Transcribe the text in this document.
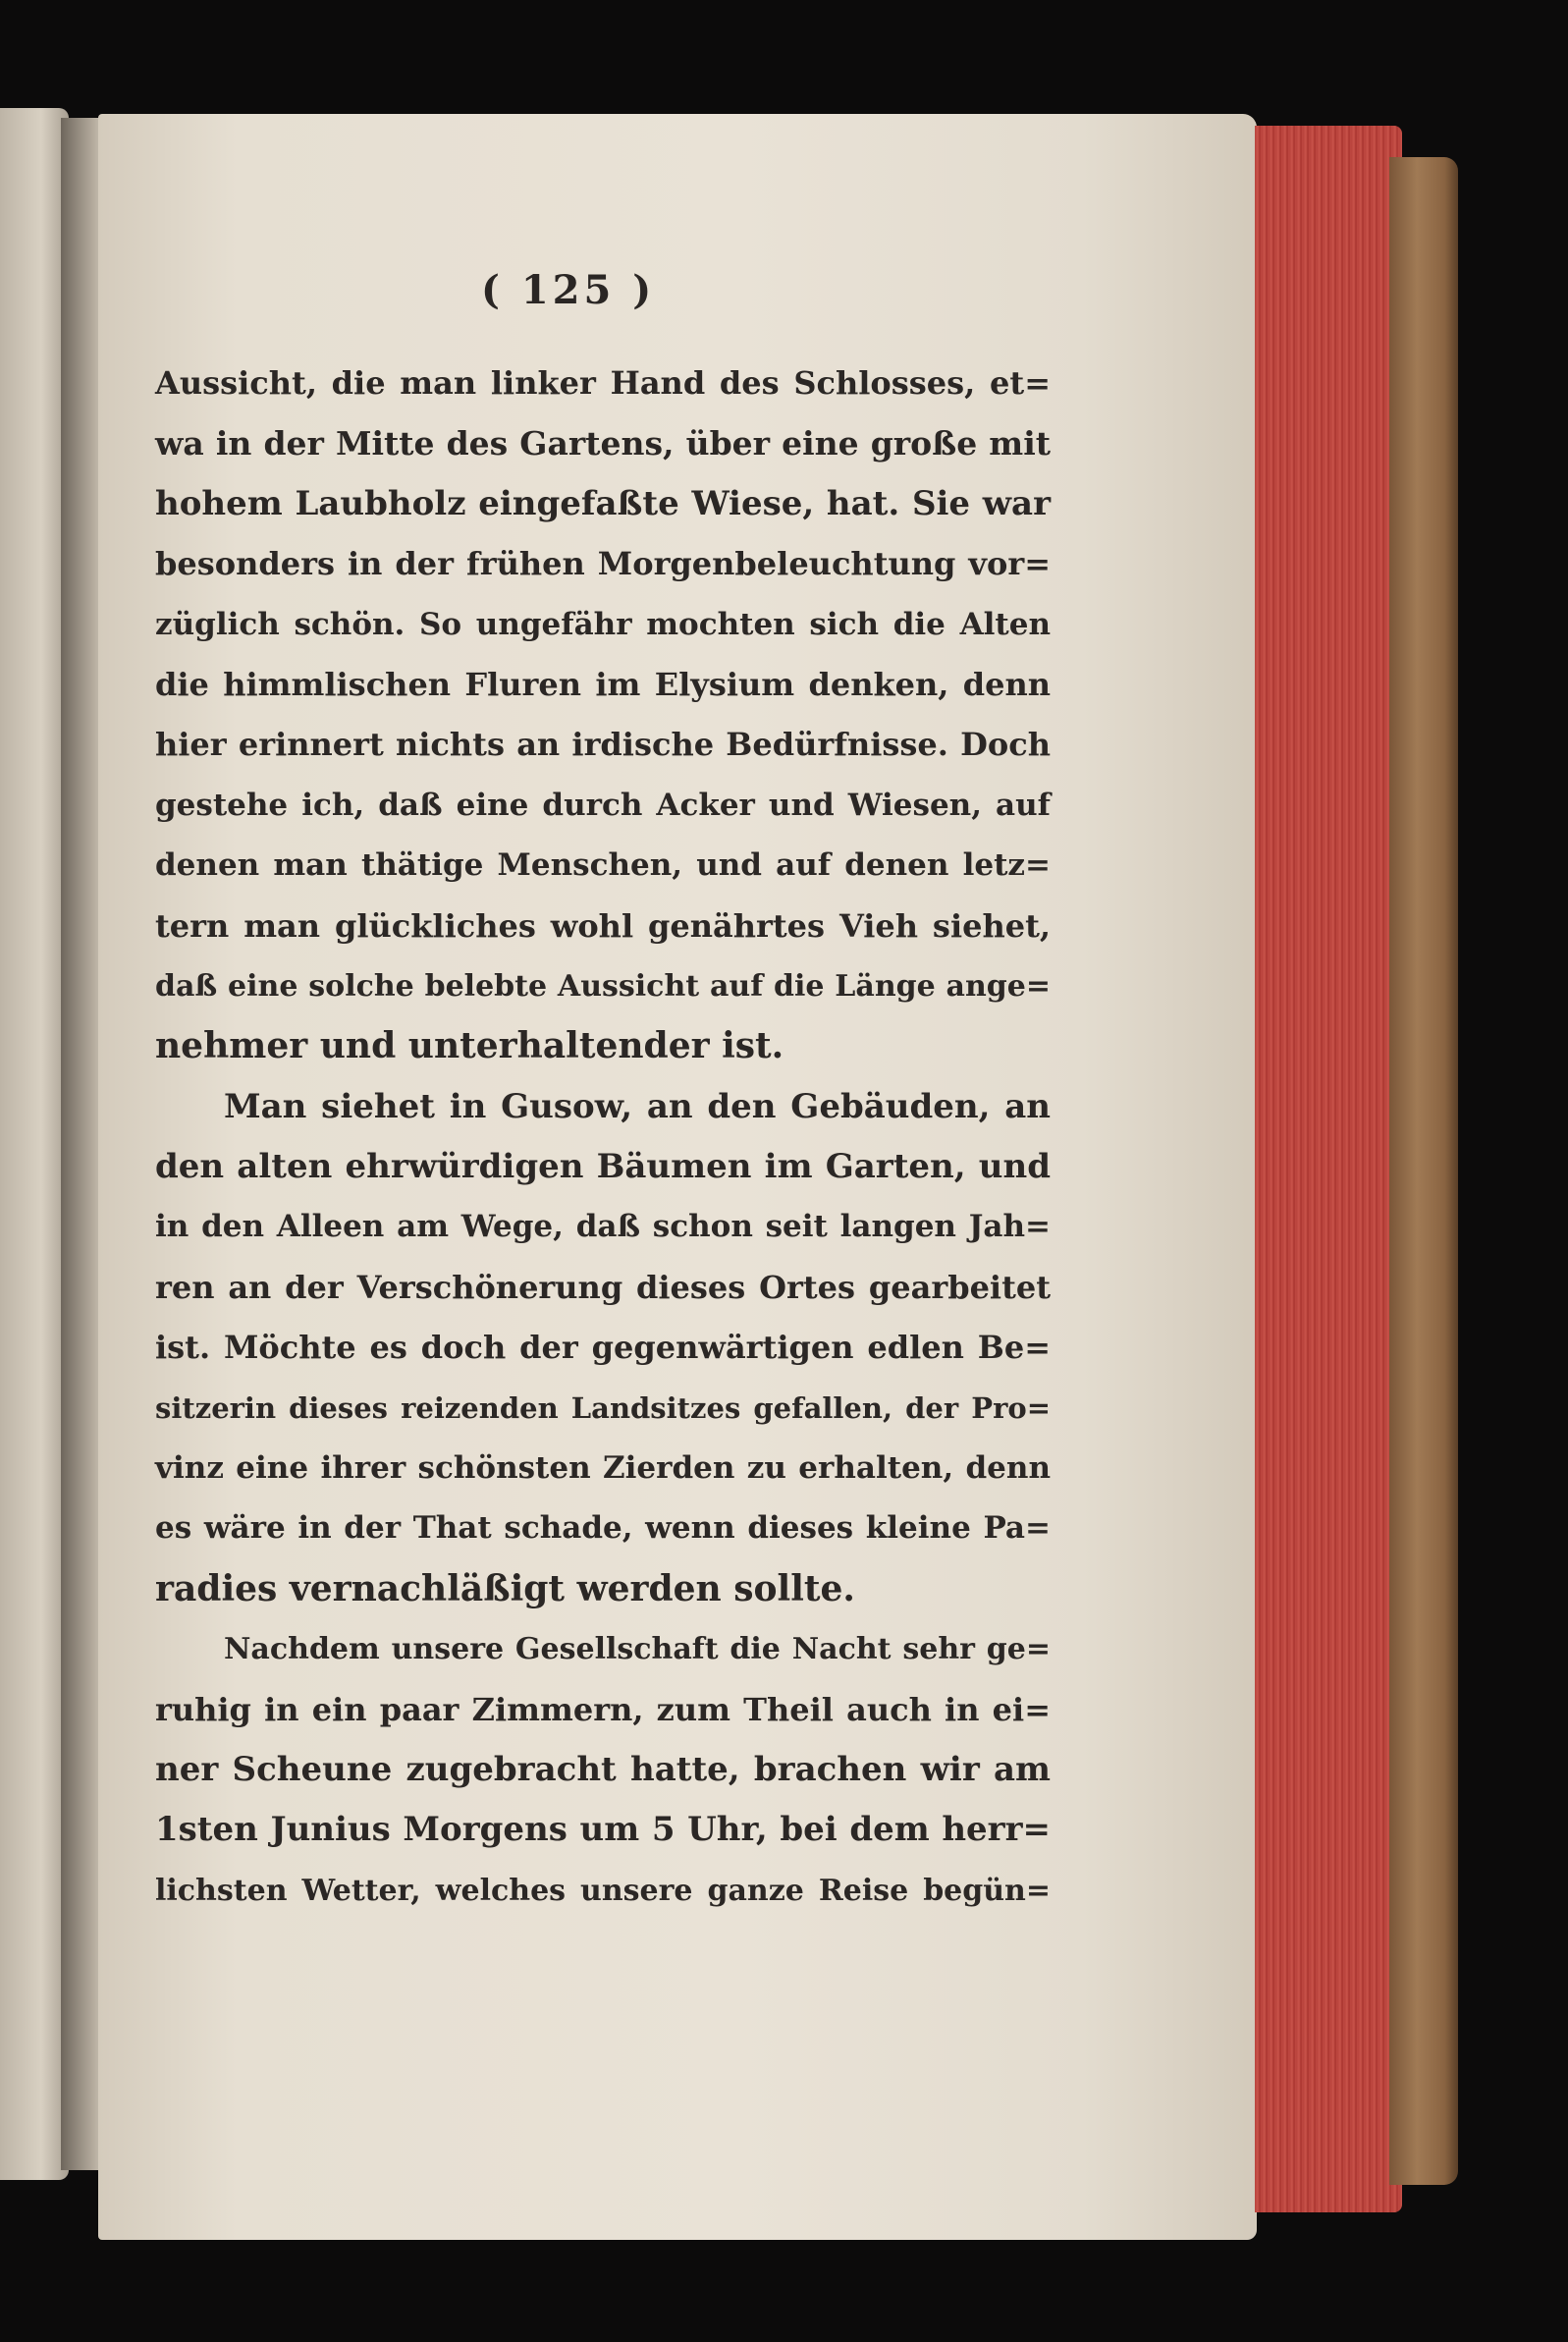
( 125 )
Aussicht, die man linker Hand des Schlosses, et=
wa in der Mitte des Gartens, über eine große mit
hohem Laubholz eingefaßte Wiese, hat. Sie war
besonders in der frühen Morgenbeleuchtung vor=
züglich schön. So ungefähr mochten sich die Alten
die himmlischen Fluren im Elysium denken, denn
hier erinnert nichts an irdische Bedürfnisse. Doch
gestehe ich, daß eine durch Acker und Wiesen, auf
denen man thätige Menschen, und auf denen letz=
tern man glückliches wohl genährtes Vieh siehet,
daß eine solche belebte Aussicht auf die Länge ange=
nehmer und unterhaltender ist.
Man siehet in Gusow, an den Gebäuden, an
den alten ehrwürdigen Bäumen im Garten, und
in den Alleen am Wege, daß schon seit langen Jah=
ren an der Verschönerung dieses Ortes gearbeitet
ist. Möchte es doch der gegenwärtigen edlen Be=
sitzerin dieses reizenden Landsitzes gefallen, der Pro=
vinz eine ihrer schönsten Zierden zu erhalten, denn
es wäre in der That schade, wenn dieses kleine Pa=
radies vernachläßigt werden sollte.
Nachdem unsere Gesellschaft die Nacht sehr ge=
ruhig in ein paar Zimmern, zum Theil auch in ei=
ner Scheune zugebracht hatte, brachen wir am
1sten Junius Morgens um 5 Uhr, bei dem herr=
lichsten Wetter, welches unsere ganze Reise begün=
